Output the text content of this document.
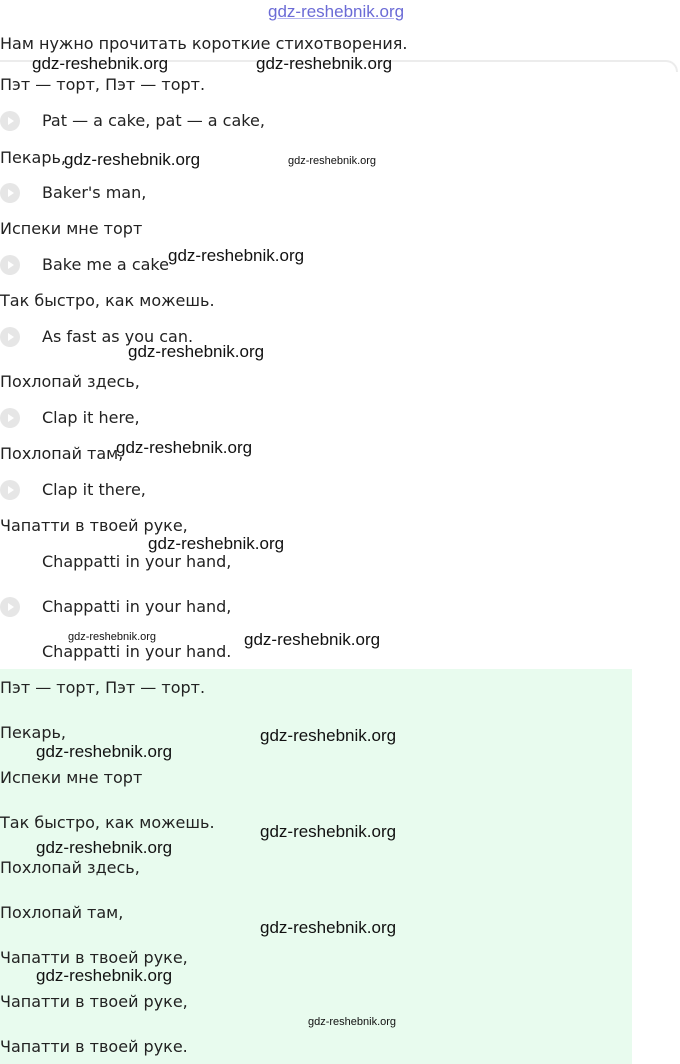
gdz-reshebnik.org
Нам нужно прочитать короткие стихотворения.
Пэт — торт, Пэт — торт.
Pat — a cake, pat — a cake,
Пекарь,
Baker's man,
Испеки мне торт
Bake me a cake
Так быстро, как можешь.
As fast as you can.
Похлопай здесь,
Clap it here,
Похлопай там,
Clap it there,
Чапатти в твоей руке,
Chappatti in your hand,
Chappatti in your hand,
Chappatti in your hand.
Пэт — торт, Пэт — торт.
Пекарь,
Испеки мне торт
Так быстро, как можешь.
Похлопай здесь,
Похлопай там,
Чапатти в твоей руке,
Чапатти в твоей руке,
Чапатти в твоей руке.
gdz-reshebnik.org	gdz-reshebnik.org
gdz-reshebnik.org	gdz-reshebnik.org
gdz-reshebnik.org
gdz-reshebnik.org
gdz-reshebnik.org
gdz-reshebnik.org
gdz-reshebnik.org	gdz-reshebnik.org
gdz-reshebnik.org
gdz-reshebnik.org
gdz-reshebnik.org
gdz-reshebnik.org
gdz-reshebnik.org
gdz-reshebnik.org
gdz-reshebnik.org
